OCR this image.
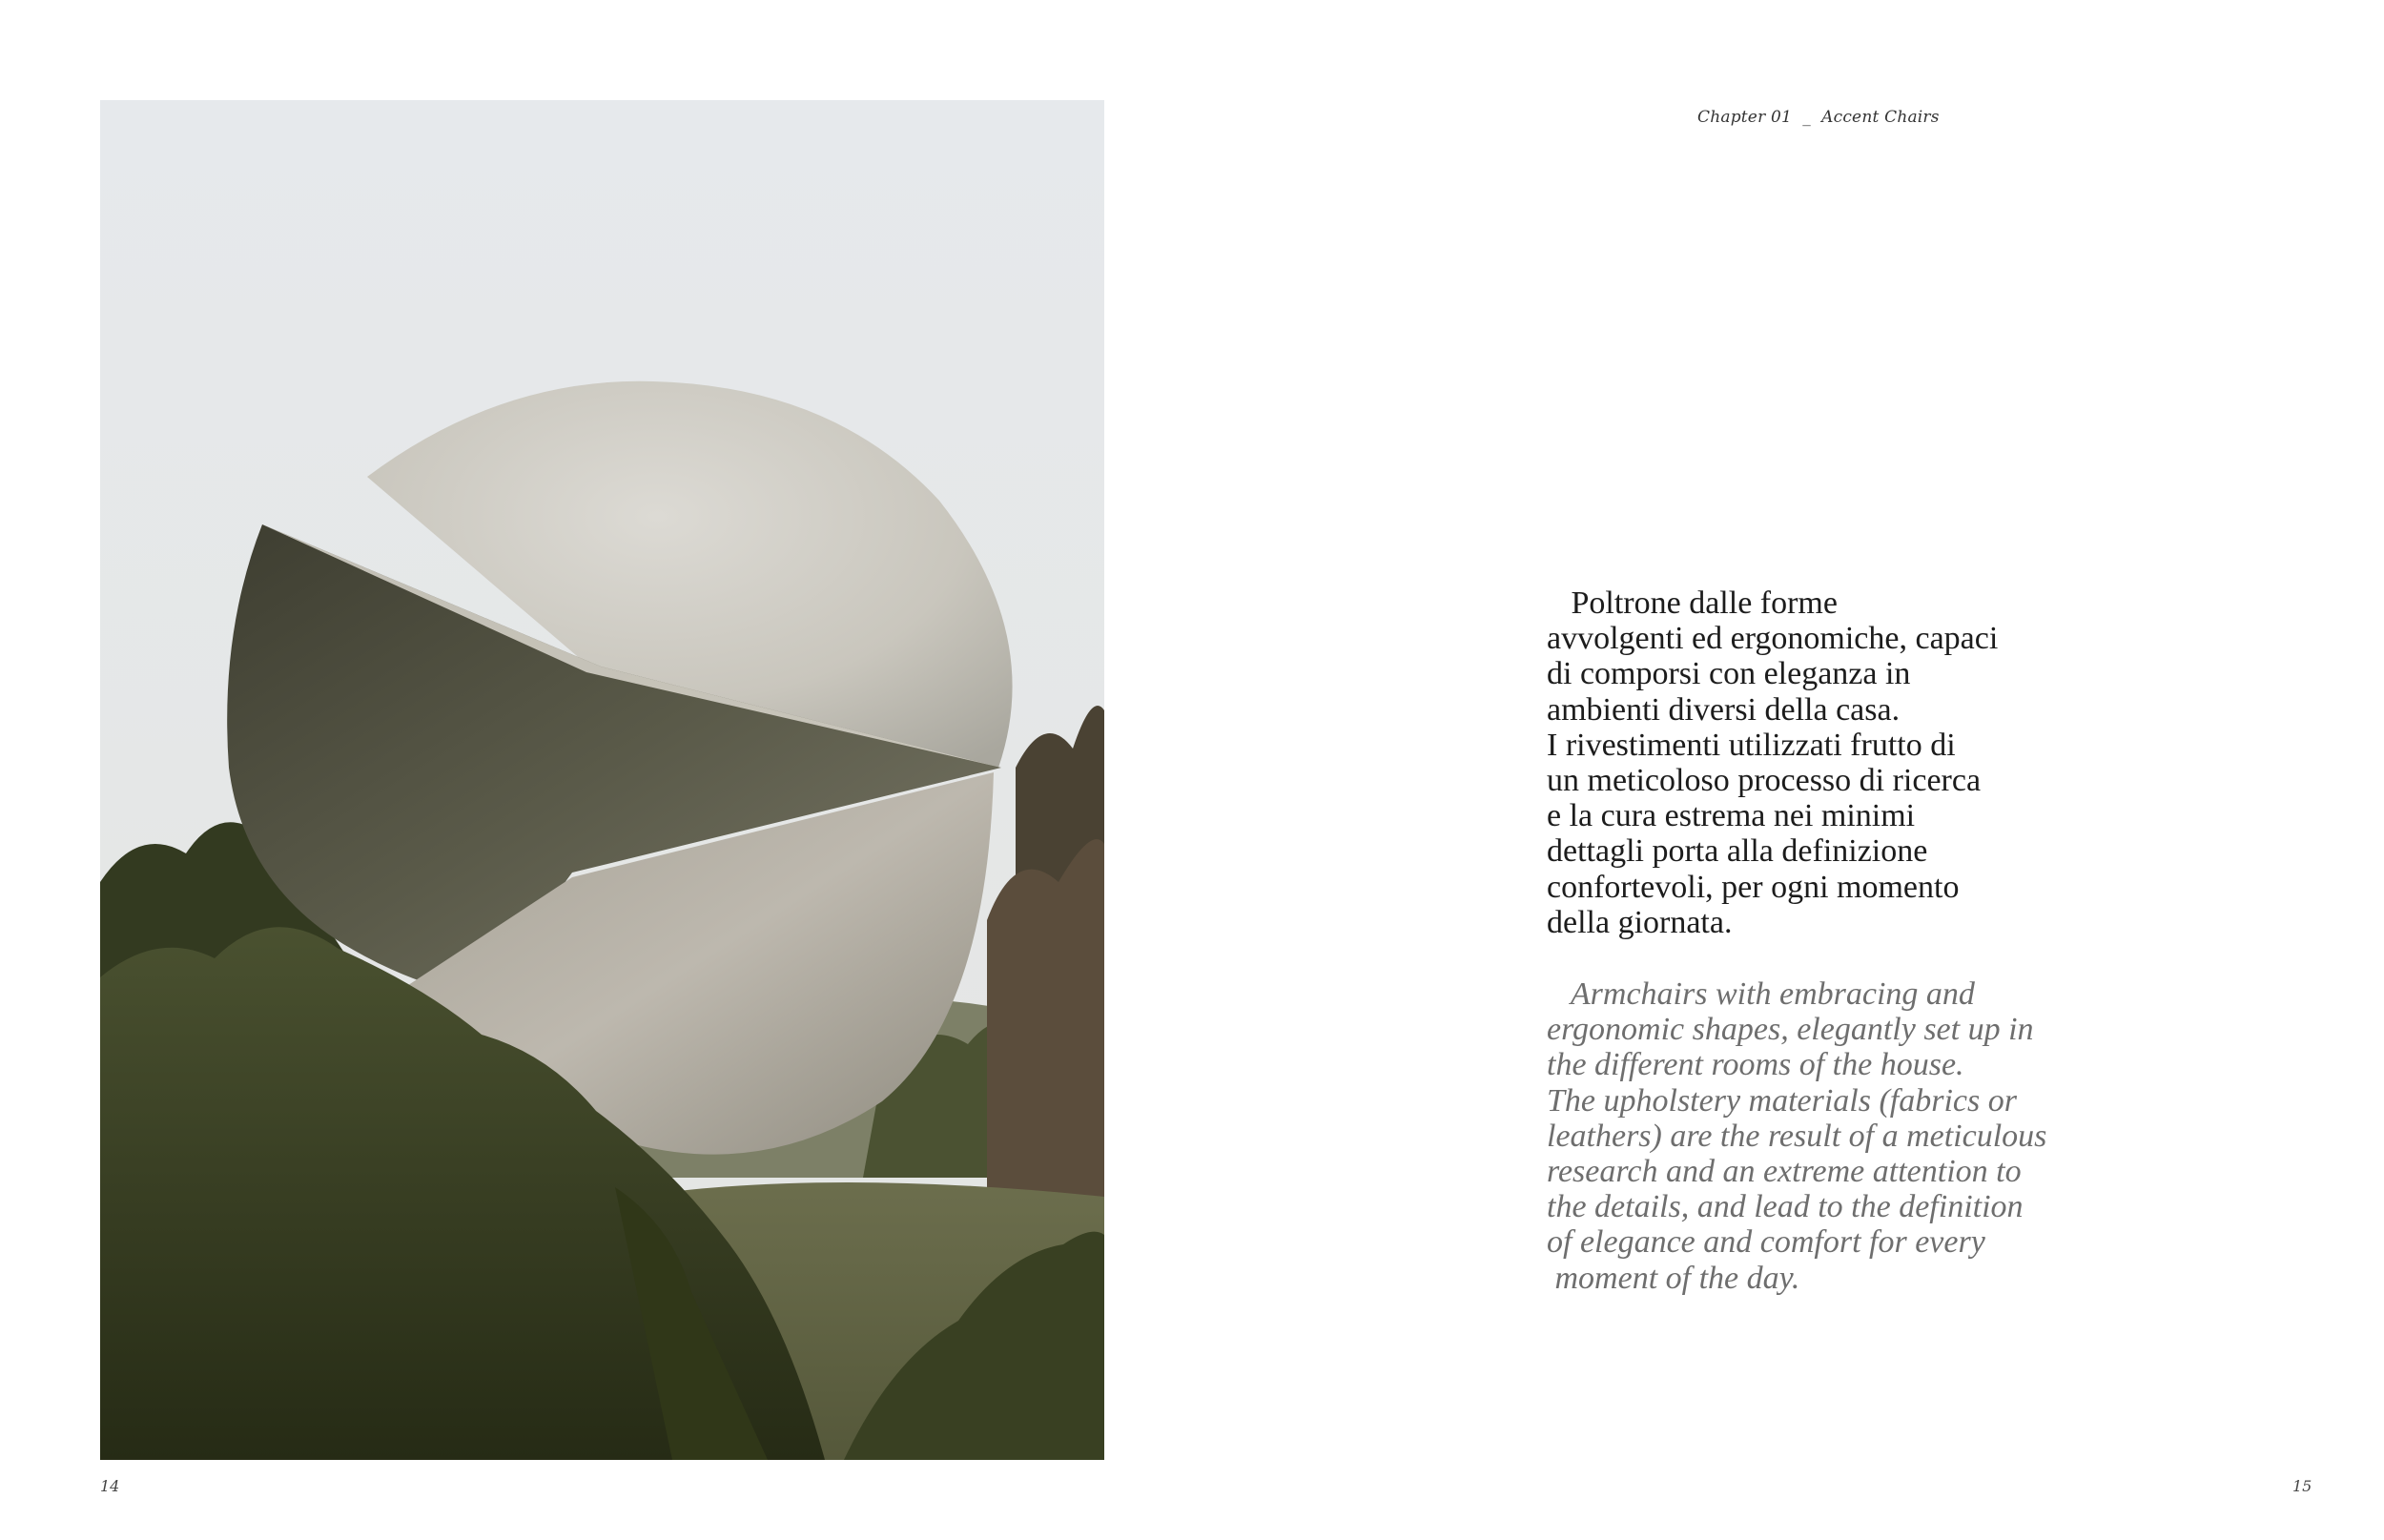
Chapter 01  _  Accent Chairs
Poltrone dalle forme
avvolgenti ed ergonomiche, capaci
di comporsi con eleganza in
ambienti diversi della casa.
I rivestimenti utilizzati frutto di
un meticoloso processo di ricerca
e la cura estrema nei minimi
dettagli porta alla definizione
confortevoli, per ogni momento
della giornata.
Armchairs with embracing and
ergonomic shapes, elegantly set up in
the different rooms of the house.
The upholstery materials (fabrics or
leathers) are the result of a meticulous
research and an extreme attention to
the details, and lead to the definition
of elegance and comfort for every
moment of the day.
14	15
